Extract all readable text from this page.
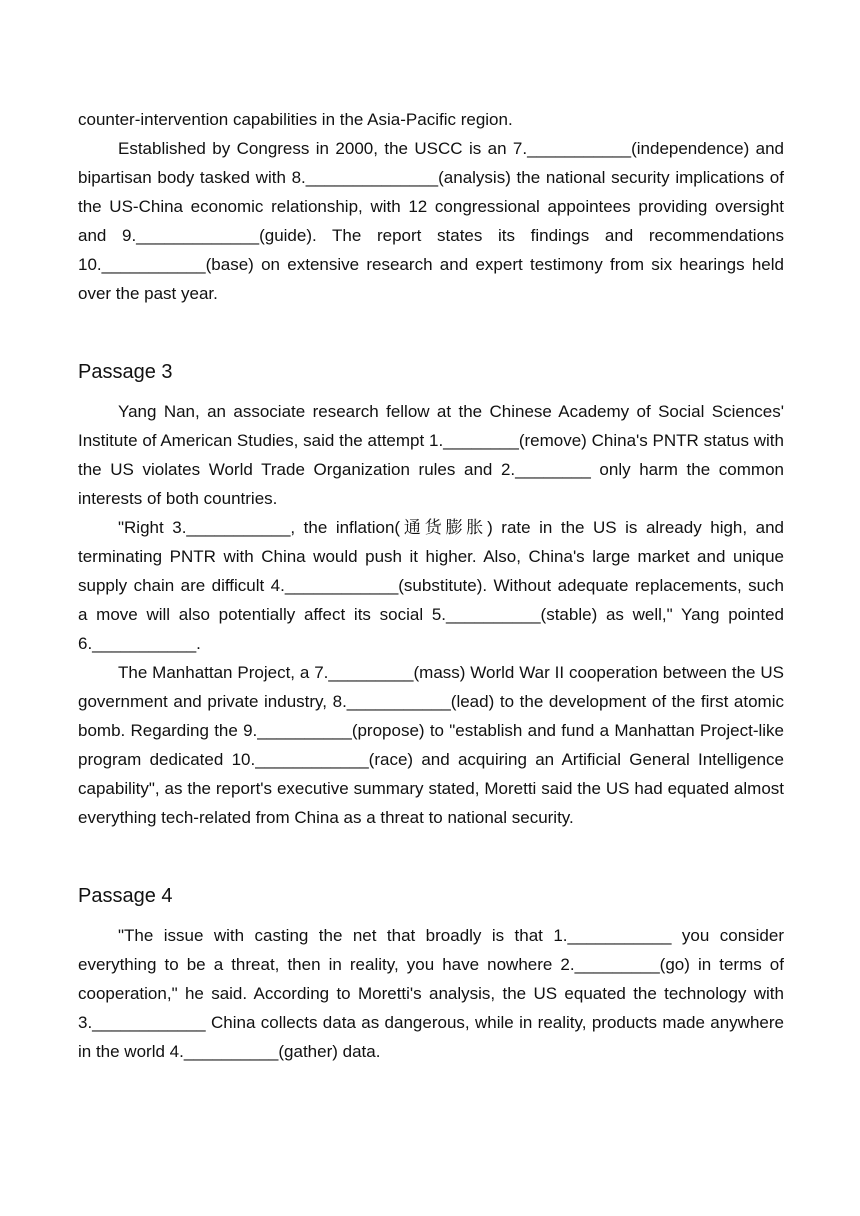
counter-intervention capabilities in the Asia-Pacific region.

Established by Congress in 2000, the USCC is an 7.___________(independence) and bipartisan body tasked with 8.______________(analysis) the national security implications of the US-China economic relationship, with 12 congressional appointees providing oversight and 9._____________(guide). The report states its findings and recommendations 10.___________(base) on extensive research and expert testimony from six hearings held over the past year.

Passage 3

Yang Nan, an associate research fellow at the Chinese Academy of Social Sciences' Institute of American Studies, said the attempt 1.________(remove) China's PNTR status with the US violates World Trade Organization rules and 2.________ only harm the common interests of both countries.

"Right 3.___________, the inflation(通货膨胀) rate in the US is already high, and terminating PNTR with China would push it higher. Also, China's large market and unique supply chain are difficult 4.____________(substitute). Without adequate replacements, such a move will also potentially affect its social 5.__________(stable) as well," Yang pointed 6.___________.

The Manhattan Project, a 7._________(mass) World War II cooperation between the US government and private industry, 8.___________(lead) to the development of the first atomic bomb. Regarding the 9.__________(propose) to "establish and fund a Manhattan Project-like program dedicated 10.____________(race) and acquiring an Artificial General Intelligence capability", as the report's executive summary stated, Moretti said the US had equated almost everything tech-related from China as a threat to national security.

Passage 4

"The issue with casting the net that broadly is that 1.___________ you consider everything to be a threat, then in reality, you have nowhere 2._________(go) in terms of cooperation," he said. According to Moretti's analysis, the US equated the technology with 3.____________ China collects data as dangerous, while in reality, products made anywhere in the world 4.__________(gather) data.
